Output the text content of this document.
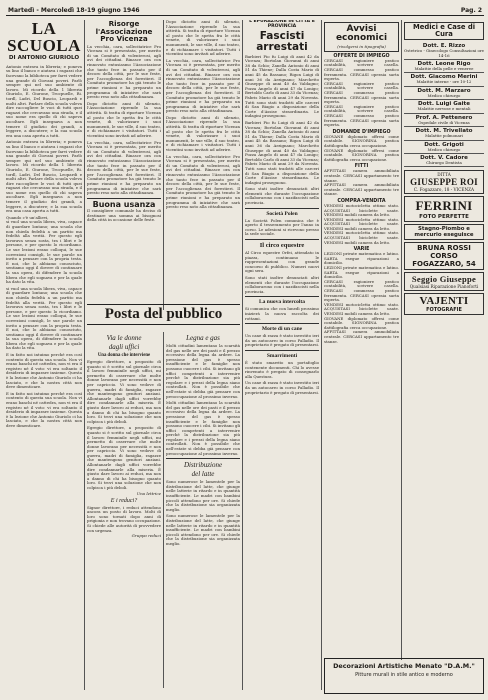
Martedì - Mercoledì 18-19 giugno 1946	Pag. 2
LA SCUOLA
DI ANTONIO GIURIOLO
Antonio entrava in libreria; e poneva su lino il banco e aiutava i ragazzi che facevano la biblioteca per farvi vedere una grande di Giovani poveri. Parlò sempre qui nel suo ambiente di lavoro. Mi ricordo della 1 libreria Giuriolo, E. Giurone, Trocpuelle, Ri. tordl, Ladri, Del Buscio, Leopardi e molti altri. Parlare della scuola voleva dire raccogliere le voci di tutti quei ragazzi che cercavano una strada, e il suo nome era quello di chi sapeva ascoltare. Egli insegnava a non temere il giudizio dei grandi, a leggere, a discutere; e la sua scuola era una casa aperta a tutti.
Antonio entrava in libreria; e poneva su lino il banco e aiutava i ragazzi che facevano la biblioteca per farvi vedere una grande di Giovani poveri. Parlò sempre qui nel suo ambiente di lavoro. Mi ricordo della 1 libreria Giuriolo, E. Giurone, Trocpuelle, Ri. tordl, Ladri, Del Buscio, Leopardi e molti altri. Parlare della scuola voleva dire raccogliere le voci di tutti quei ragazzi che cercavano una strada, e il suo nome era quello di chi sapeva ascoltare. Egli insegnava a non temere il giudizio dei grandi, a leggere, a discutere; e la sua scuola era una casa aperta a tutti.
Quando c'è un'allievi,
si vuol una scuola libera, viva, capace di guardare lontano; una scuola che non chieda fedeltà a un partito ma fedeltà alla verità. Per questo egli lavorava senza sosta, tra i libri e le persone, e per questo lo ricordiamo. Le sue lezioni erano colloqui, le sue correzioni consigli, le sue parole un invito a pensare con la propria testa. E noi, che lo abbiamo conosciuto, sentiamo oggi il dovere di continuare la sua opera, di difendere la scuola libera che egli sognava e per la quale ha dato la vita.
si vuol una scuola libera, viva, capace di guardare lontano; una scuola che non chieda fedeltà a un partito ma fedeltà alla verità. Per questo egli lavorava senza sosta, tra i libri e le persone, e per questo lo ricordiamo. Le sue lezioni erano colloqui, le sue correzioni consigli, le sue parole un invito a pensare con la propria testa. E noi, che lo abbiamo conosciuto, sentiamo oggi il dovere di continuare la sua opera, di difendere la scuola libera che egli sognava e per la quale ha dato la vita.
E in fatto noi intuimo perché era così contento di questa sua scuola. Non vi erano banchi né cattedra, non vi era il registro né il voto: vi era soltanto il desiderio di imparare insieme. Questa è la lezione che Antonio Giuriolo ci ha lasciato, e che la nostra città non deve dimenticare.
E in fatto noi intuimo perché era così contento di questa sua scuola. Non vi erano banchi né cattedra, non vi era il registro né il voto: vi era soltanto il desiderio di imparare insieme. Questa è la lezione che Antonio Giuriolo ci ha lasciato, e che la nostra città non deve dimenticare.
Risorge l'Associazione
Pro Vicenza
La vecchia, cara, sollecitatrice Pro Vicenza si è presentata, per merito di un Comitato di volenterosi, agli avi dei cittadini. Rinasce ora con rinnovato entusiasmo l'Associazione che tanto fece in passato per il decoro della città, per le sue feste, per l'accoglienza dei forestieri. Il Comitato promotore ha già tenuto le prime riunioni e ha preparato un programma di iniziative che sarà presto reso noto alla cittadinanza.
Dopo diciotto anni di silenzio, l'Associazione riprende la sua attività. Si tratta di riportare Vicenza al posto che le spetta fra le città venete, di valorizzare i suoi monumenti, le sue ville, il suo teatro, e di richiamare i visitatori. Tutti i vicentini sono invitati ad aderire.
La vecchia, cara, sollecitatrice Pro Vicenza si è presentata, per merito di un Comitato di volenterosi, agli avi dei cittadini. Rinasce ora con rinnovato entusiasmo l'Associazione che tanto fece in passato per il decoro della città, per le sue feste, per l'accoglienza dei forestieri. Il Comitato promotore ha già tenuto le prime riunioni e ha preparato un programma di iniziative che sarà presto reso noto alla cittadinanza.
Buona usanza
Il consigliere comunale ha deciso di destinare una somma ai bisognosi della città in occasione delle feste.
Posta del pubblico
Via le donne
dagli uffici
Una donna che interviene
Egregio direttore, a proposito di quanto si è scritto sul giornale circa il lavoro femminile negli uffici, mi permetto di osservare che molte donne lavorano per necessità e non per capriccio. Vi sono vedove di guerra, madri di famiglia, ragazze che mantengono genitori anziani. Allontanarle dagli uffici vorrebbe dire condannarle alla miseria. È giusto dare lavoro ai reduci, ma non a danno di chi ha bisogno quanto loro. Si trovi una soluzione che non colpisca i più deboli.
Egregio direttore, a proposito di quanto si è scritto sul giornale circa il lavoro femminile negli uffici, mi permetto di osservare che molte donne lavorano per necessità e non per capriccio. Vi sono vedove di guerra, madri di famiglia, ragazze che mantengono genitori anziani. Allontanarle dagli uffici vorrebbe dire condannarle alla miseria. È giusto dare lavoro ai reduci, ma non a danno di chi ha bisogno quanto loro. Si trovi una soluzione che non colpisca i più deboli.
Una lettrice
E i reduci?
Signor direttore, i reduci attendono ancora un posto di lavoro. Molti di loro sono tornati dopo anni di prigionia e non trovano occupazione. Si chiede alle autorità di provvedere con urgenza.
Gruppo reduci
Legna e gas
Molti cittadini lamentano la scarsità del gas nelle ore dei pasti e il prezzo eccessivo della legna da ardere. La pressione del gas è spesso insufficiente e le famiglie non possono cuocere i cibi. Si invitano gli uffici competenti a intervenire perché la distribuzione sia più regolare e i prezzi della legna siano controllati. Non è possibile che nell'estate si debba già pensare con preoccupazione al prossimo inverno.
Molti cittadini lamentano la scarsità del gas nelle ore dei pasti e il prezzo eccessivo della legna da ardere. La pressione del gas è spesso insufficiente e le famiglie non possono cuocere i cibi. Si invitano gli uffici competenti a intervenire perché la distribuzione sia più regolare e i prezzi della legna siano controllati. Non è possibile che nell'estate si debba già pensare con preoccupazione al prossimo inverno.
Distribuzione
del latte
Sono numerose le lamentele per la distribuzione del latte, che giunge nelle latterie in ritardo e in quantità insufficiente. Le madri con bambini piccoli attendono per ore. Si chiede che la distribuzione sia organizzata meglio.
Sono numerose le lamentele per la distribuzione del latte, che giunge nelle latterie in ritardo e in quantità insufficiente. Le madri con bambini piccoli attendono per ore. Si chiede che la distribuzione sia organizzata meglio.
Dopo diciotto anni di silenzio, l'Associazione riprende la sua attività. Si tratta di riportare Vicenza al posto che le spetta fra le città venete, di valorizzare i suoi monumenti, le sue ville, il suo teatro, e di richiamare i visitatori. Tutti i vicentini sono invitati ad aderire.
La vecchia, cara, sollecitatrice Pro Vicenza si è presentata, per merito di un Comitato di volenterosi, agli avi dei cittadini. Rinasce ora con rinnovato entusiasmo l'Associazione che tanto fece in passato per il decoro della città, per le sue feste, per l'accoglienza dei forestieri. Il Comitato promotore ha già tenuto le prime riunioni e ha preparato un programma di iniziative che sarà presto reso noto alla cittadinanza.
Dopo diciotto anni di silenzio, l'Associazione riprende la sua attività. Si tratta di riportare Vicenza al posto che le spetta fra le città venete, di valorizzare i suoi monumenti, le sue ville, il suo teatro, e di richiamare i visitatori. Tutti i vicentini sono invitati ad aderire.
La vecchia, cara, sollecitatrice Pro Vicenza si è presentata, per merito di un Comitato di volenterosi, agli avi dei cittadini. Rinasce ora con rinnovato entusiasmo l'Associazione che tanto fece in passato per il decoro della città, per le sue feste, per l'accoglienza dei forestieri. Il Comitato promotore ha già tenuto le prime riunioni e ha preparato un programma di iniziative che sarà presto reso noto alla cittadinanza.
L'EPURAZIONE IN CITTÀ E PROVINCIA
Fascisti arrestati
Barbieri Pio fu Luigi di anni 42 da Vicenza; Bortolan Giovanni di anni 38 da Schio; Zanella Antonio di anni 51 da Thiene; Dalla Costa Mario di anni 45 da Bassano; Rigon Luigi di anni 36 da Arzignano; Marchetto Giuseppe di anni 40 da Valdagno; Pozza Angelo di anni 47 da Lonigo; Bertoldo Carlo di anni 33 da Vicenza; Fabris Mario di anni 29 da Noventa. Tutti sono stati tradotti alle carceri di San Biagio a disposizione della Corte d'Assise straordinaria. Le indagini proseguono.
Barbieri Pio fu Luigi di anni 42 da Vicenza; Bortolan Giovanni di anni 38 da Schio; Zanella Antonio di anni 51 da Thiene; Dalla Costa Mario di anni 45 da Bassano; Rigon Luigi di anni 36 da Arzignano; Marchetto Giuseppe di anni 40 da Valdagno; Pozza Angelo di anni 47 da Lonigo; Bertoldo Carlo di anni 33 da Vicenza; Fabris Mario di anni 29 da Noventa. Tutti sono stati tradotti alle carceri di San Biagio a disposizione della Corte d'Assise straordinaria. Le indagini proseguono.
Sono stati inoltre denunciati altri elementi che durante l'occupazione collaborarono con i nazifascisti nella provincia.
Società Polen
La Società Polen comunica che è aperto il tesseramento per l'anno in corso. Le adesioni si ricevono presso la sede sociale.
Il circo equestre
Al Circo equestre Orfei, attendato in piazza, continuano le rappresentazioni con grande concorso di pubblico. Numeri nuovi ogni sera.
Sono stati inoltre denunciati altri elementi che durante l'occupazione collaborarono con i nazifascisti nella provincia.
La nuova intercolta
Si comunica che con lunedì prossimo inizierà la nuova raccolta dei rottami.
Morte di un cane
Un cane di razza è stato investito ieri da un autocarro in corso Palladio. Il proprietario è pregato di presentarsi.
Smarrimenti
È stato smarrito un portafoglio contenente documenti. Chi lo avesse rinvenuto è pregato di consegnarlo alla Questura.
Un cane di razza è stato investito ieri da un autocarro in corso Palladio. Il proprietario è pregato di presentarsi.
Avvisi economici
(rivolgersi in tipografia)
OFFERTE DI IMPIEGO
CERCASI ragioniere pratico contabilità, scrivere casella. CERCASI commesso pratico ferramenta. CERCASI operaia sarta esperta.
CERCASI ragioniere pratico contabilità, scrivere casella. CERCASI commesso pratico ferramenta. CERCASI operaia sarta esperta.
CERCASI ragioniere pratico contabilità, scrivere casella. CERCASI commesso pratico ferramenta. CERCASI operaia sarta esperta.
DOMANDE D'IMPIEGO
GIOVANE diplomato offresi come contabile. SIGNORINA pratica dattilografia cerca occupazione.
GIOVANE diplomato offresi come contabile. SIGNORINA pratica dattilografia cerca occupazione.
FITTI
AFFITTASI camera ammobiliata centrale. CERCASI appartamento tre stanze.
AFFITTASI camera ammobiliata centrale. CERCASI appartamento tre stanze.
COMPRA-VENDITA
VENDESI motocicletta ottimo stato. ACQUISTASI biciclette usate. VENDESI mobili camera da letto.
VENDESI motocicletta ottimo stato. ACQUISTASI biciclette usate. VENDESI mobili camera da letto.
VENDESI motocicletta ottimo stato. ACQUISTASI biciclette usate. VENDESI mobili camera da letto.
VARIE
LEZIONI private matematica e latino. SARTA esegue riparazioni a domicilio.
LEZIONI private matematica e latino. SARTA esegue riparazioni a domicilio.
CERCASI ragioniere pratico contabilità, scrivere casella. CERCASI commesso pratico ferramenta. CERCASI operaia sarta esperta.
VENDESI motocicletta ottimo stato. ACQUISTASI biciclette usate. VENDESI mobili camera da letto.
GIOVANE diplomato offresi come contabile. SIGNORINA pratica dattilografia cerca occupazione.
AFFITTASI camera ammobiliata centrale. CERCASI appartamento tre stanze.
Medici e Case di Cura
Dott. E. Rizzo
Ostetrico - Ginecologo Consultazioni ore 14-16
Dott. Leone Rigo
Malattie della pelle e veneree
Dott. Giacomo Merini
Malattie interne - ore 10-12
Dott. M. Marzaro
Medico chirurgo
Dott. Luigi Gaite
Malattie nervose e mentali
Prof. A. Pettenero
Ospedale civile di Vicenza
Dott. M. Trivellato
Malattie polmonari
Dott. Grigoti
Medico chirurgo
Dott. V. Cadore
Chirurgo Dentista
DITTA
GIUSEPPE ROI
C. Fogazzaro, 18 - VICENZA
FERRINI
FOTO PERFETTE
Stagno-Piombo e mercurio eseguisce
BRUNA ROSSI
CORSO FOGAZZARO, 54
Seggio Giuseppe
Qualsiasi Riparazione Pianoforti
VAJENTI
FOTOGRAFIE
Decorazioni Artistiche Menato "D.A.M."
Pitture murali in stile antico e moderno
